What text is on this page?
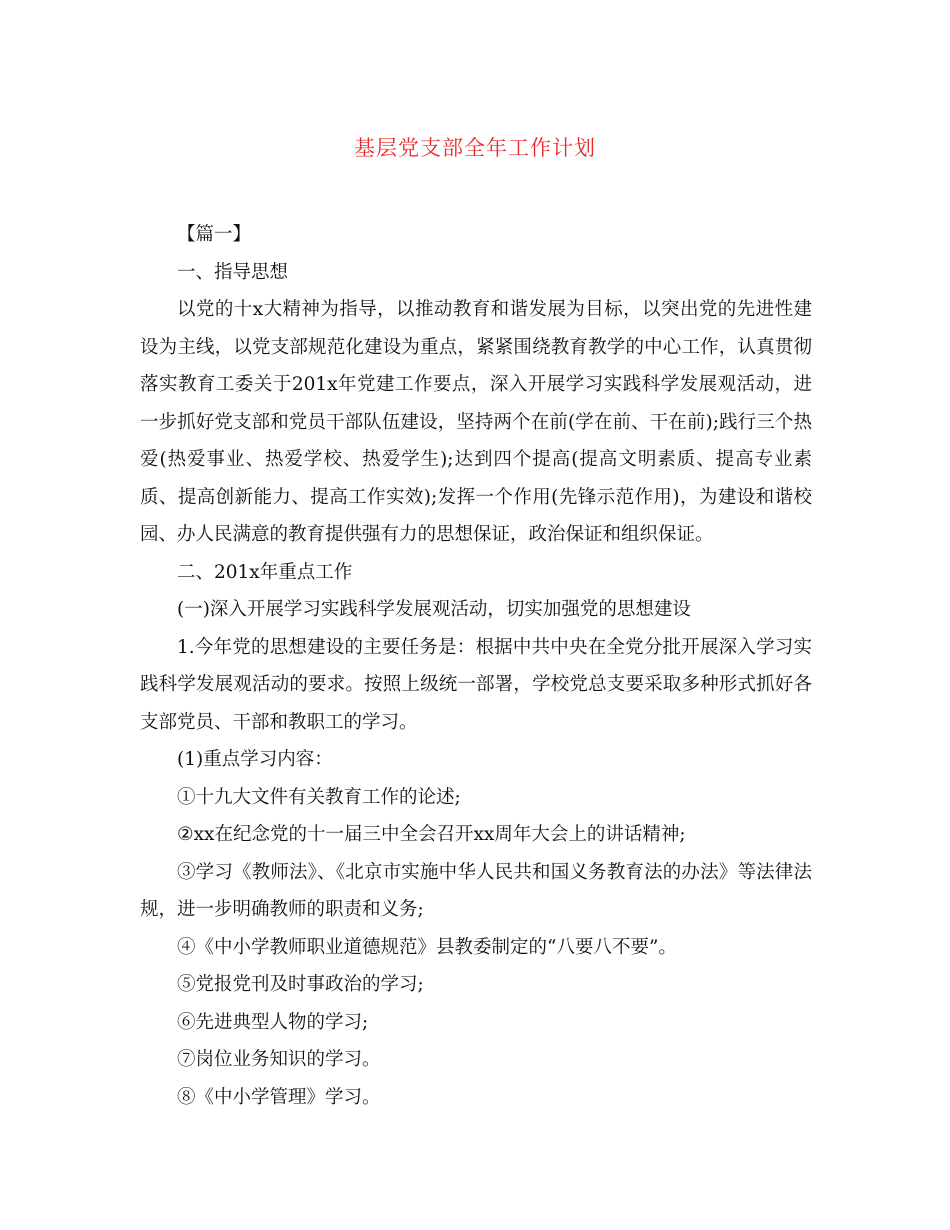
基层党支部全年工作计划

【篇一】

一、指导思想

以党的十x大精神为指导，以推动教育和谐发展为目标，以突出党的先进性建设为主线，以党支部规范化建设为重点，紧紧围绕教育教学的中心工作，认真贯彻落实教育工委关于201x年党建工作要点，深入开展学习实践科学发展观活动，进一步抓好党支部和党员干部队伍建设，坚持两个在前(学在前、干在前);践行三个热爱(热爱事业、热爱学校、热爱学生);达到四个提高(提高文明素质、提高专业素质、提高创新能力、提高工作实效);发挥一个作用(先锋示范作用)，为建设和谐校园、办人民满意的教育提供强有力的思想保证，政治保证和组织保证。

二、201x年重点工作

(一)深入开展学习实践科学发展观活动，切实加强党的思想建设

1.今年党的思想建设的主要任务是：根据中共中央在全党分批开展深入学习实践科学发展观活动的要求。按照上级统一部署，学校党总支要采取多种形式抓好各支部党员、干部和教职工的学习。

(1)重点学习内容：

①十九大文件有关教育工作的论述;

②xx在纪念党的十一届三中全会召开xx周年大会上的讲话精神;

③学习《教师法》、《北京市实施中华人民共和国义务教育法的办法》等法律法规，进一步明确教师的职责和义务;

④《中小学教师职业道德规范》县教委制定的“八要八不要”。

⑤党报党刊及时事政治的学习;

⑥先进典型人物的学习;

⑦岗位业务知识的学习。

⑧《中小学管理》学习。
